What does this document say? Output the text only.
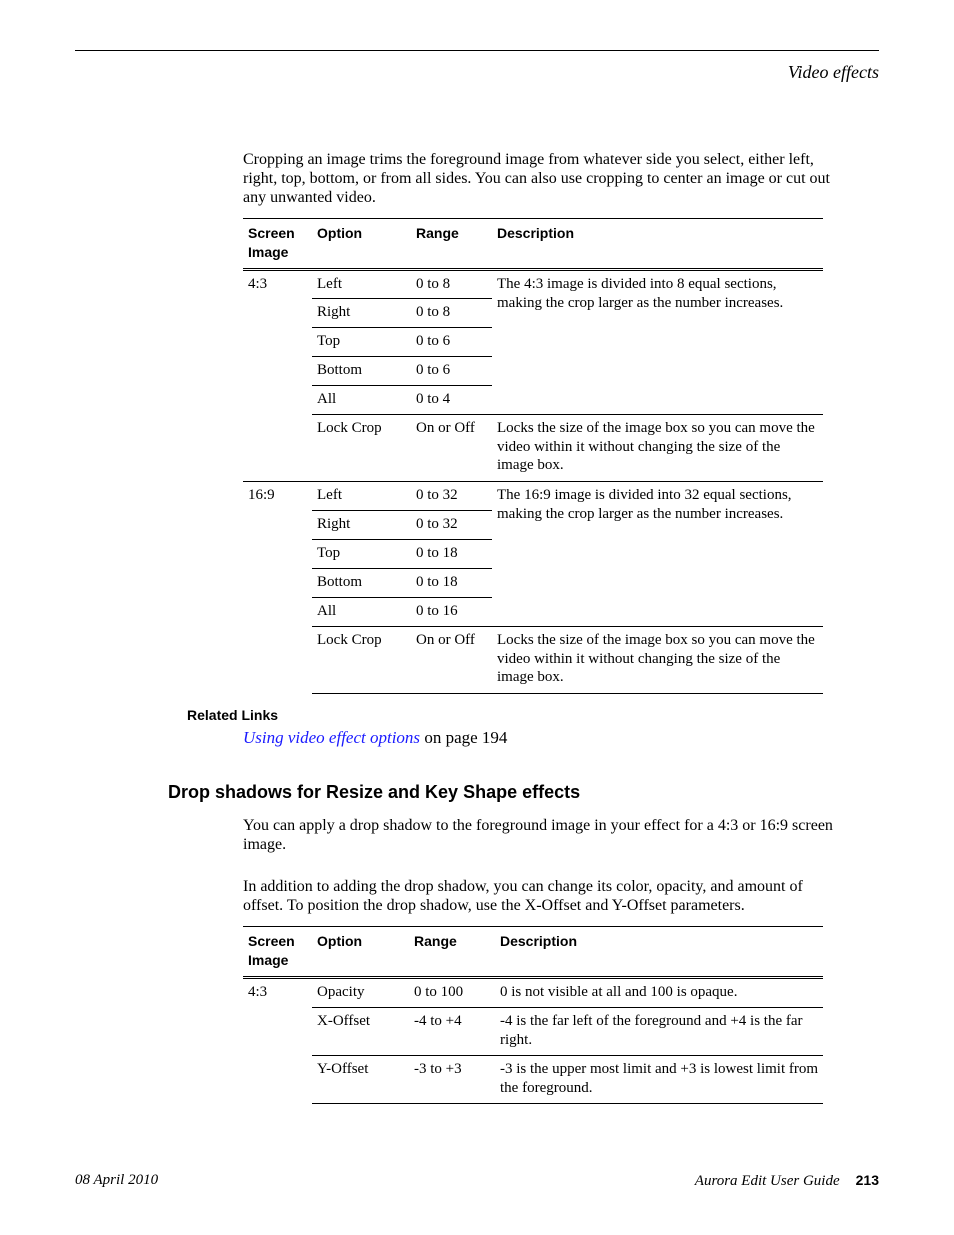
Video effects
Cropping an image trims the foreground image from whatever side you select, either left, right, top, bottom, or from all sides. You can also use cropping to center an image or cut out any unwanted video.
Screen Image	Option	Range	Description
4:3	Left	0 to 8	The 4:3 image is divided into 8 equal sections, making the crop larger as the number increases.
	Right	0 to 8	
	Top	0 to 6	
	Bottom	0 to 6	
	All	0 to 4	
	Lock Crop	On or Off	Locks the size of the image box so you can move the video within it without changing the size of the image box.
16:9	Left	0 to 32	The 16:9 image is divided into 32 equal sections, making the crop larger as the number increases.
	Right	0 to 32	
	Top	0 to 18	
	Bottom	0 to 18	
	All	0 to 16	
	Lock Crop	On or Off	Locks the size of the image box so you can move the video within it without changing the size of the image box.
Related Links
Using video effect options on page 194
Drop shadows for Resize and Key Shape effects
You can apply a drop shadow to the foreground image in your effect for a 4:3 or 16:9 screen image.
In addition to adding the drop shadow, you can change its color, opacity, and amount of offset. To position the drop shadow, use the X-Offset and Y-Offset parameters.
Screen Image	Option	Range	Description
4:3	Opacity	0 to 100	0 is not visible at all and 100 is opaque.
	X-Offset	-4 to +4	-4 is the far left of the foreground and +4 is the far right.
	Y-Offset	-3 to +3	-3 is the upper most limit and +3 is lowest limit from the foreground.
08 April 2010	Aurora Edit User Guide 213
